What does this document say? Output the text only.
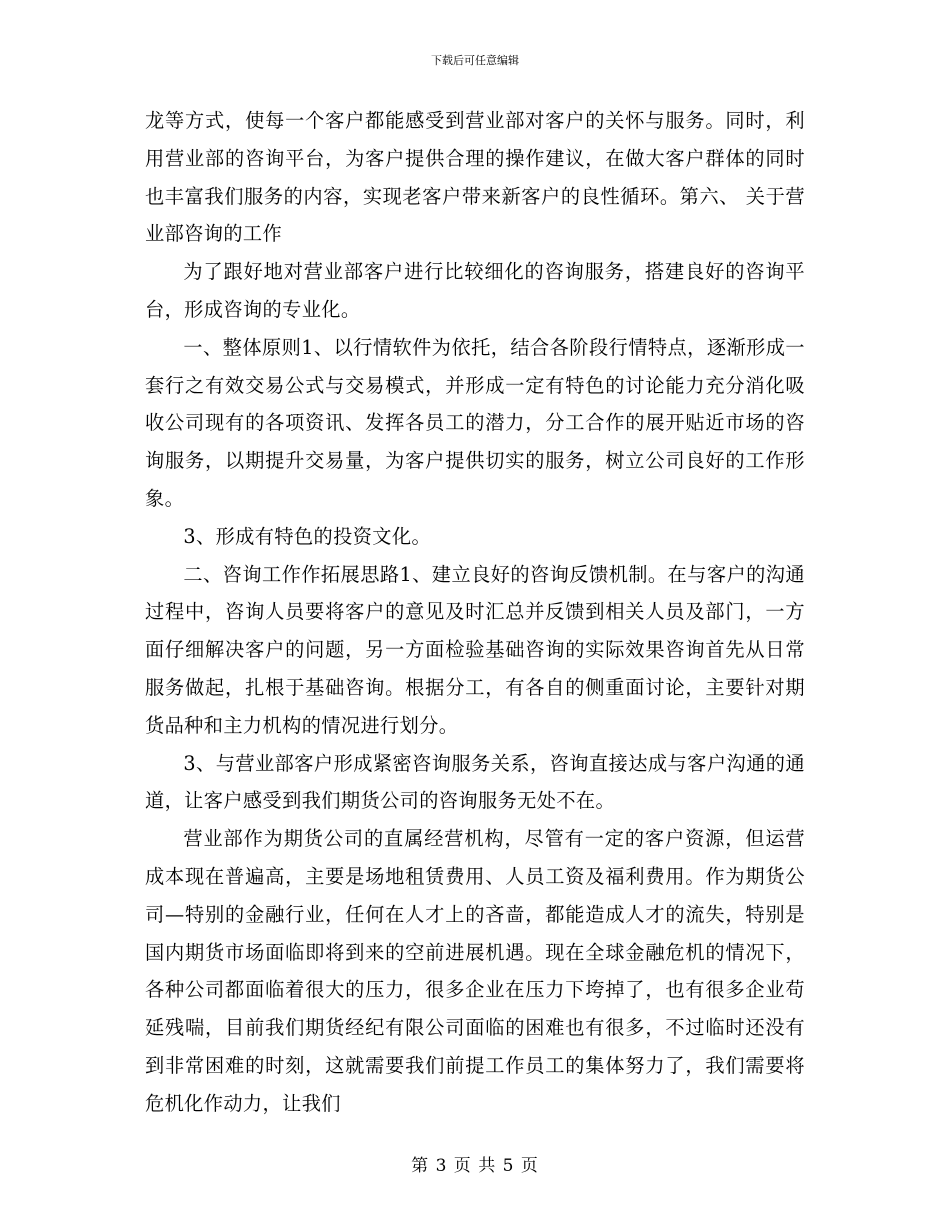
下载后可任意编辑

龙等方式，使每一个客户都能感受到营业部对客户的关怀与服务。同时，利用营业部的咨询平台，为客户提供合理的操作建议，在做大客户群体的同时也丰富我们服务的内容，实现老客户带来新客户的良性循环。第六、 关于营业部咨询的工作

为了跟好地对营业部客户进行比较细化的咨询服务，搭建良好的咨询平台，形成咨询的专业化。

一、整体原则1、以行情软件为依托，结合各阶段行情特点，逐渐形成一套行之有效交易公式与交易模式，并形成一定有特色的讨论能力充分消化吸收公司现有的各项资讯、发挥各员工的潜力，分工合作的展开贴近市场的咨询服务，以期提升交易量，为客户提供切实的服务，树立公司良好的工作形象。

3、形成有特色的投资文化。

二、咨询工作作拓展思路1、建立良好的咨询反馈机制。在与客户的沟通过程中，咨询人员要将客户的意见及时汇总并反馈到相关人员及部门，一方面仔细解决客户的问题，另一方面检验基础咨询的实际效果咨询首先从日常服务做起，扎根于基础咨询。根据分工，有各自的侧重面讨论，主要针对期货品种和主力机构的情况进行划分。

3、与营业部客户形成紧密咨询服务关系，咨询直接达成与客户沟通的通道，让客户感受到我们期货公司的咨询服务无处不在。

营业部作为期货公司的直属经营机构，尽管有一定的客户资源，但运营成本现在普遍高，主要是场地租赁费用、人员工资及福利费用。作为期货公司—特别的金融行业，任何在人才上的吝啬，都能造成人才的流失，特别是国内期货市场面临即将到来的空前进展机遇。现在全球金融危机的情况下，各种公司都面临着很大的压力，很多企业在压力下垮掉了，也有很多企业苟延残喘，目前我们期货经纪有限公司面临的困难也有很多，不过临时还没有到非常困难的时刻，这就需要我们前提工作员工的集体努力了，我们需要将危机化作动力，让我们

第 3 页 共 5 页
